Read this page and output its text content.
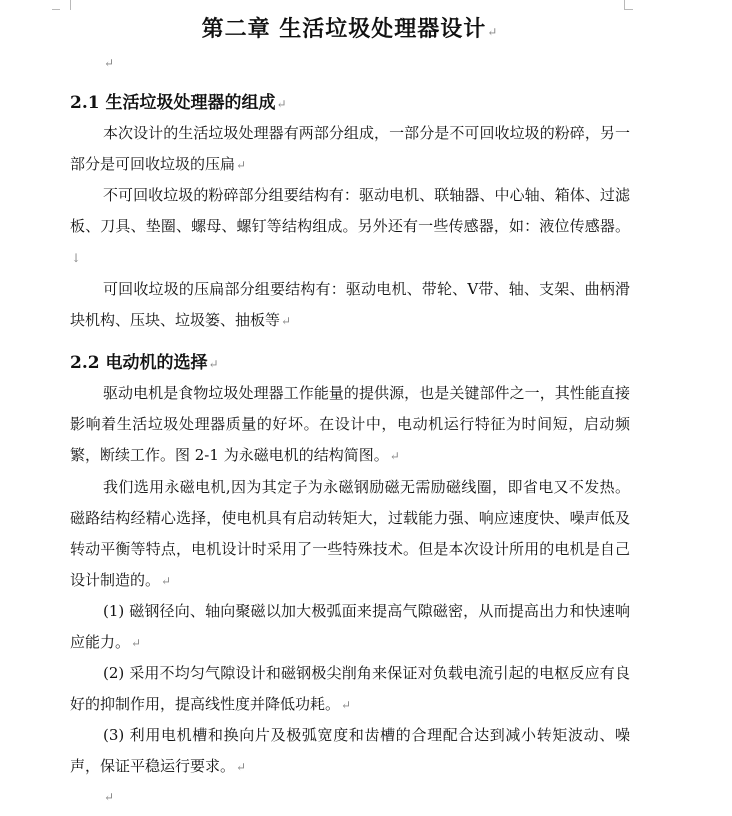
第二章 生活垃圾处理器设计↵
↵
2.1 生活垃圾处理器的组成↵

本次设计的生活垃圾处理器有两部分组成，一部分是不可回收垃圾的粉碎，另一部分是可回收垃圾的压扁↵

不可回收垃圾的粉碎部分组要结构有：驱动电机、联轴器、中心轴、箱体、过滤板、刀具、垫圈、螺母、螺钉等结构组成。另外还有一些传感器，如：液位传感器。↓

可回收垃圾的压扁部分组要结构有：驱动电机、带轮、V带、轴、支架、曲柄滑块机构、压块、垃圾篓、抽板等↵

2.2 电动机的选择↵

驱动电机是食物垃圾处理器工作能量的提供源，也是关键部件之一，其性能直接影响着生活垃圾处理器质量的好坏。在设计中，电动机运行特征为时间短，启动频繁，断续工作。图 2-1 为永磁电机的结构简图。↵

我们选用永磁电机,因为其定子为永磁钢励磁无需励磁线圈，即省电又不发热。磁路结构经精心选择，使电机具有启动转矩大，过载能力强、响应速度快、噪声低及转动平衡等特点，电机设计时采用了一些特殊技术。但是本次设计所用的电机是自己设计制造的。↵

(1) 磁钢径向、轴向聚磁以加大极弧面来提高气隙磁密，从而提高出力和快速响应能力。↵

(2) 采用不均匀气隙设计和磁钢极尖削角来保证对负载电流引起的电枢反应有良好的抑制作用，提高线性度并降低功耗。↵

(3) 利用电机槽和换向片及极弧宽度和齿槽的合理配合达到减小转矩波动、噪声，保证平稳运行要求。↵

↵
